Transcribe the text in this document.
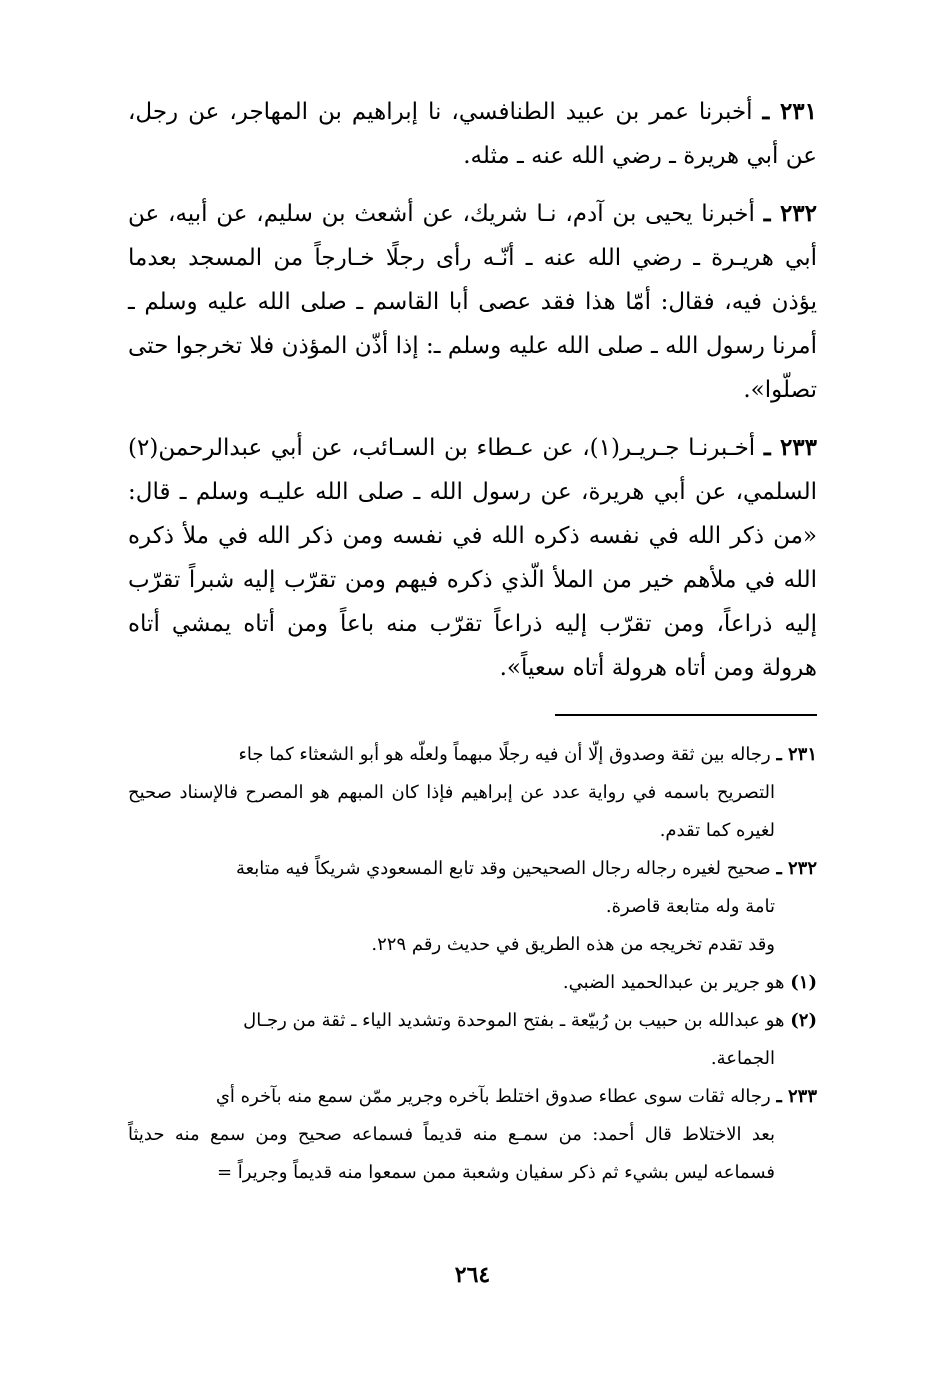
٢٣١ ـ أخبرنا عمر بن عبيد الطنافسي، نا إبراهيم بن المهاجر، عن رجل، عن أبي هريرة ـ رضي الله عنه ـ مثله.

٢٣٢ ـ أخبرنا يحيى بن آدم، نـا شريك، عن أشعث بن سليم، عن أبيه، عن أبي هريـرة ـ رضي الله عنه ـ أنّـه رأى رجلًا خـارجاً من المسجد بعدما يؤذن فيه، فقال: أمّا هذا فقد عصى أبا القاسم ـ صلى الله عليه وسلم ـ أمرنا رسول الله ـ صلى الله عليه وسلم ـ: إذا أذّن المؤذن فلا تخرجوا حتى تصلّوا».

٢٣٣ ـ أخـبرنـا جـريـر(١)، عن عـطاء بن السـائب، عن أبي عبدالرحمن(٢) السلمي، عن أبي هريرة، عن رسول الله ـ صلى الله عليـه وسلم ـ قال: «من ذكر الله في نفسه ذكره الله في نفسه ومن ذكر الله في ملأ ذكره الله في ملأهم خير من الملأ الّذي ذكره فيهم ومن تقرّب إليه شبراً تقرّب إليه ذراعاً، ومن تقرّب إليه ذراعاً تقرّب منه باعاً ومن أتاه يمشي أتاه هرولة ومن أتاه هرولة أتاه سعياً».

٢٣١ ـ رجاله بين ثقة وصدوق إلّا أن فيه رجلًا مبهماً ولعلّه هو أبو الشعثاء كما جاء
التصريح باسمه في رواية عدد عن إبراهيم فإذا كان المبهم هو المصرح فالإسناد صحيح لغيره كما تقدم.
٢٣٢ ـ صحيح لغيره رجاله رجال الصحيحين وقد تابع المسعودي شريكاً فيه متابعة
تامة وله متابعة قاصرة.
وقد تقدم تخريجه من هذه الطريق في حديث رقم ٢٢٩.
(١) هو جرير بن عبدالحميد الضبي.
(٢) هو عبدالله بن حبيب بن رُبيّعة ـ بفتح الموحدة وتشديد الياء ـ ثقة من رجـال
الجماعة.
٢٣٣ ـ رجاله ثقات سوى عطاء صدوق اختلط بآخره وجرير ممّن سمع منه بآخره أي
بعد الاختلاط قال أحمد: من سمـع منه قديماً فسماعه صحيح ومن سمع منه حديثاً فسماعه ليس بشيء ثم ذكر سفيان وشعبة ممن سمعوا منه قديماً وجريراً =
٢٦٤
